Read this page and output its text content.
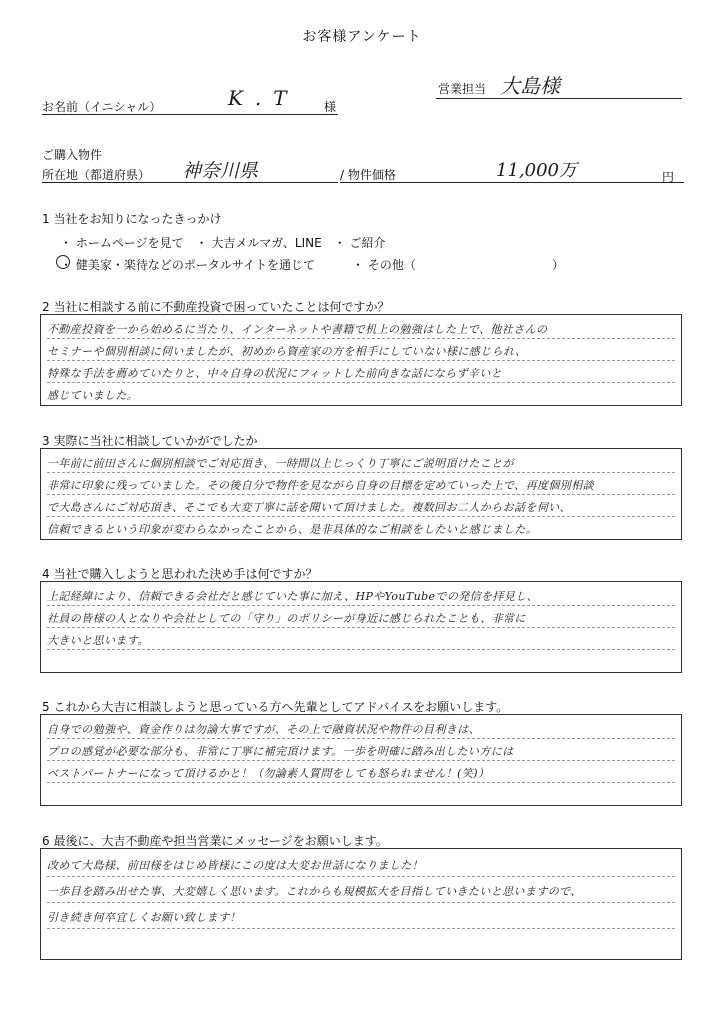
お客様アンケート
営業担当 大島様
お名前（イニシャル）	K.T 様
ご購入物件
所在地（都道府県） 神奈川県	/ 物件価格	11,000万	円
1 当社をお知りになったきっかけ
・ ホームページを見て　・ 大吉メルマガ、LINE　・ ご紹介
・ 健美家・楽待などのポータルサイトを通じて	・ その他（	）
2 当社に相談する前に不動産投資で困っていたことは何ですか？
不動産投資を一から始めるに当たり、インターネットや書籍で机上の勉強はした上で、他社さんの
セミナーや個別相談に伺いましたが、初めから資産家の方を相手にしていない様に感じられ、
特殊な手法を薦めていたりと、中々自身の状況にフィットした前向きな話にならず辛いと
感じていました。
3 実際に当社に相談していかがでしたか
一年前に前田さんに個別相談でご対応頂き、一時間以上じっくり丁寧にご説明頂けたことが
非常に印象に残っていました。その後自分で物件を見ながら自身の目標を定めていった上で、再度個別相談
で大島さんにご対応頂き、そこでも大変丁寧に話を聞いて頂けました。複数回お二人からお話を伺い、
信頼できるという印象が変わらなかったことから、是非具体的なご相談をしたいと感じました。
4 当社で購入しようと思われた決め手は何ですか？
上記経緯により、信頼できる会社だと感じていた事に加え、HPやYouTubeでの発信を拝見し、
社員の皆様の人となりや会社としての「守り」のポリシーが身近に感じられたことも、非常に
大きいと思います。
5 これから大吉に相談しようと思っている方へ先輩としてアドバイスをお願いします。
自身での勉強や、資金作りは勿論大事ですが、その上で融資状況や物件の目利きは、
プロの感覚が必要な部分も、非常に丁寧に補完頂けます。一歩を明確に踏み出したい方には
ベストパートナーになって頂けるかと！（勿論素人質問をしても怒られません！(笑)）
6 最後に、大吉不動産や担当営業にメッセージをお願いします。
改めて大島様、前田様をはじめ皆様にこの度は大変お世話になりました！
一歩目を踏み出せた事、大変嬉しく思います。これからも規模拡大を目指していきたいと思いますので、
引き続き何卒宜しくお願い致します！
